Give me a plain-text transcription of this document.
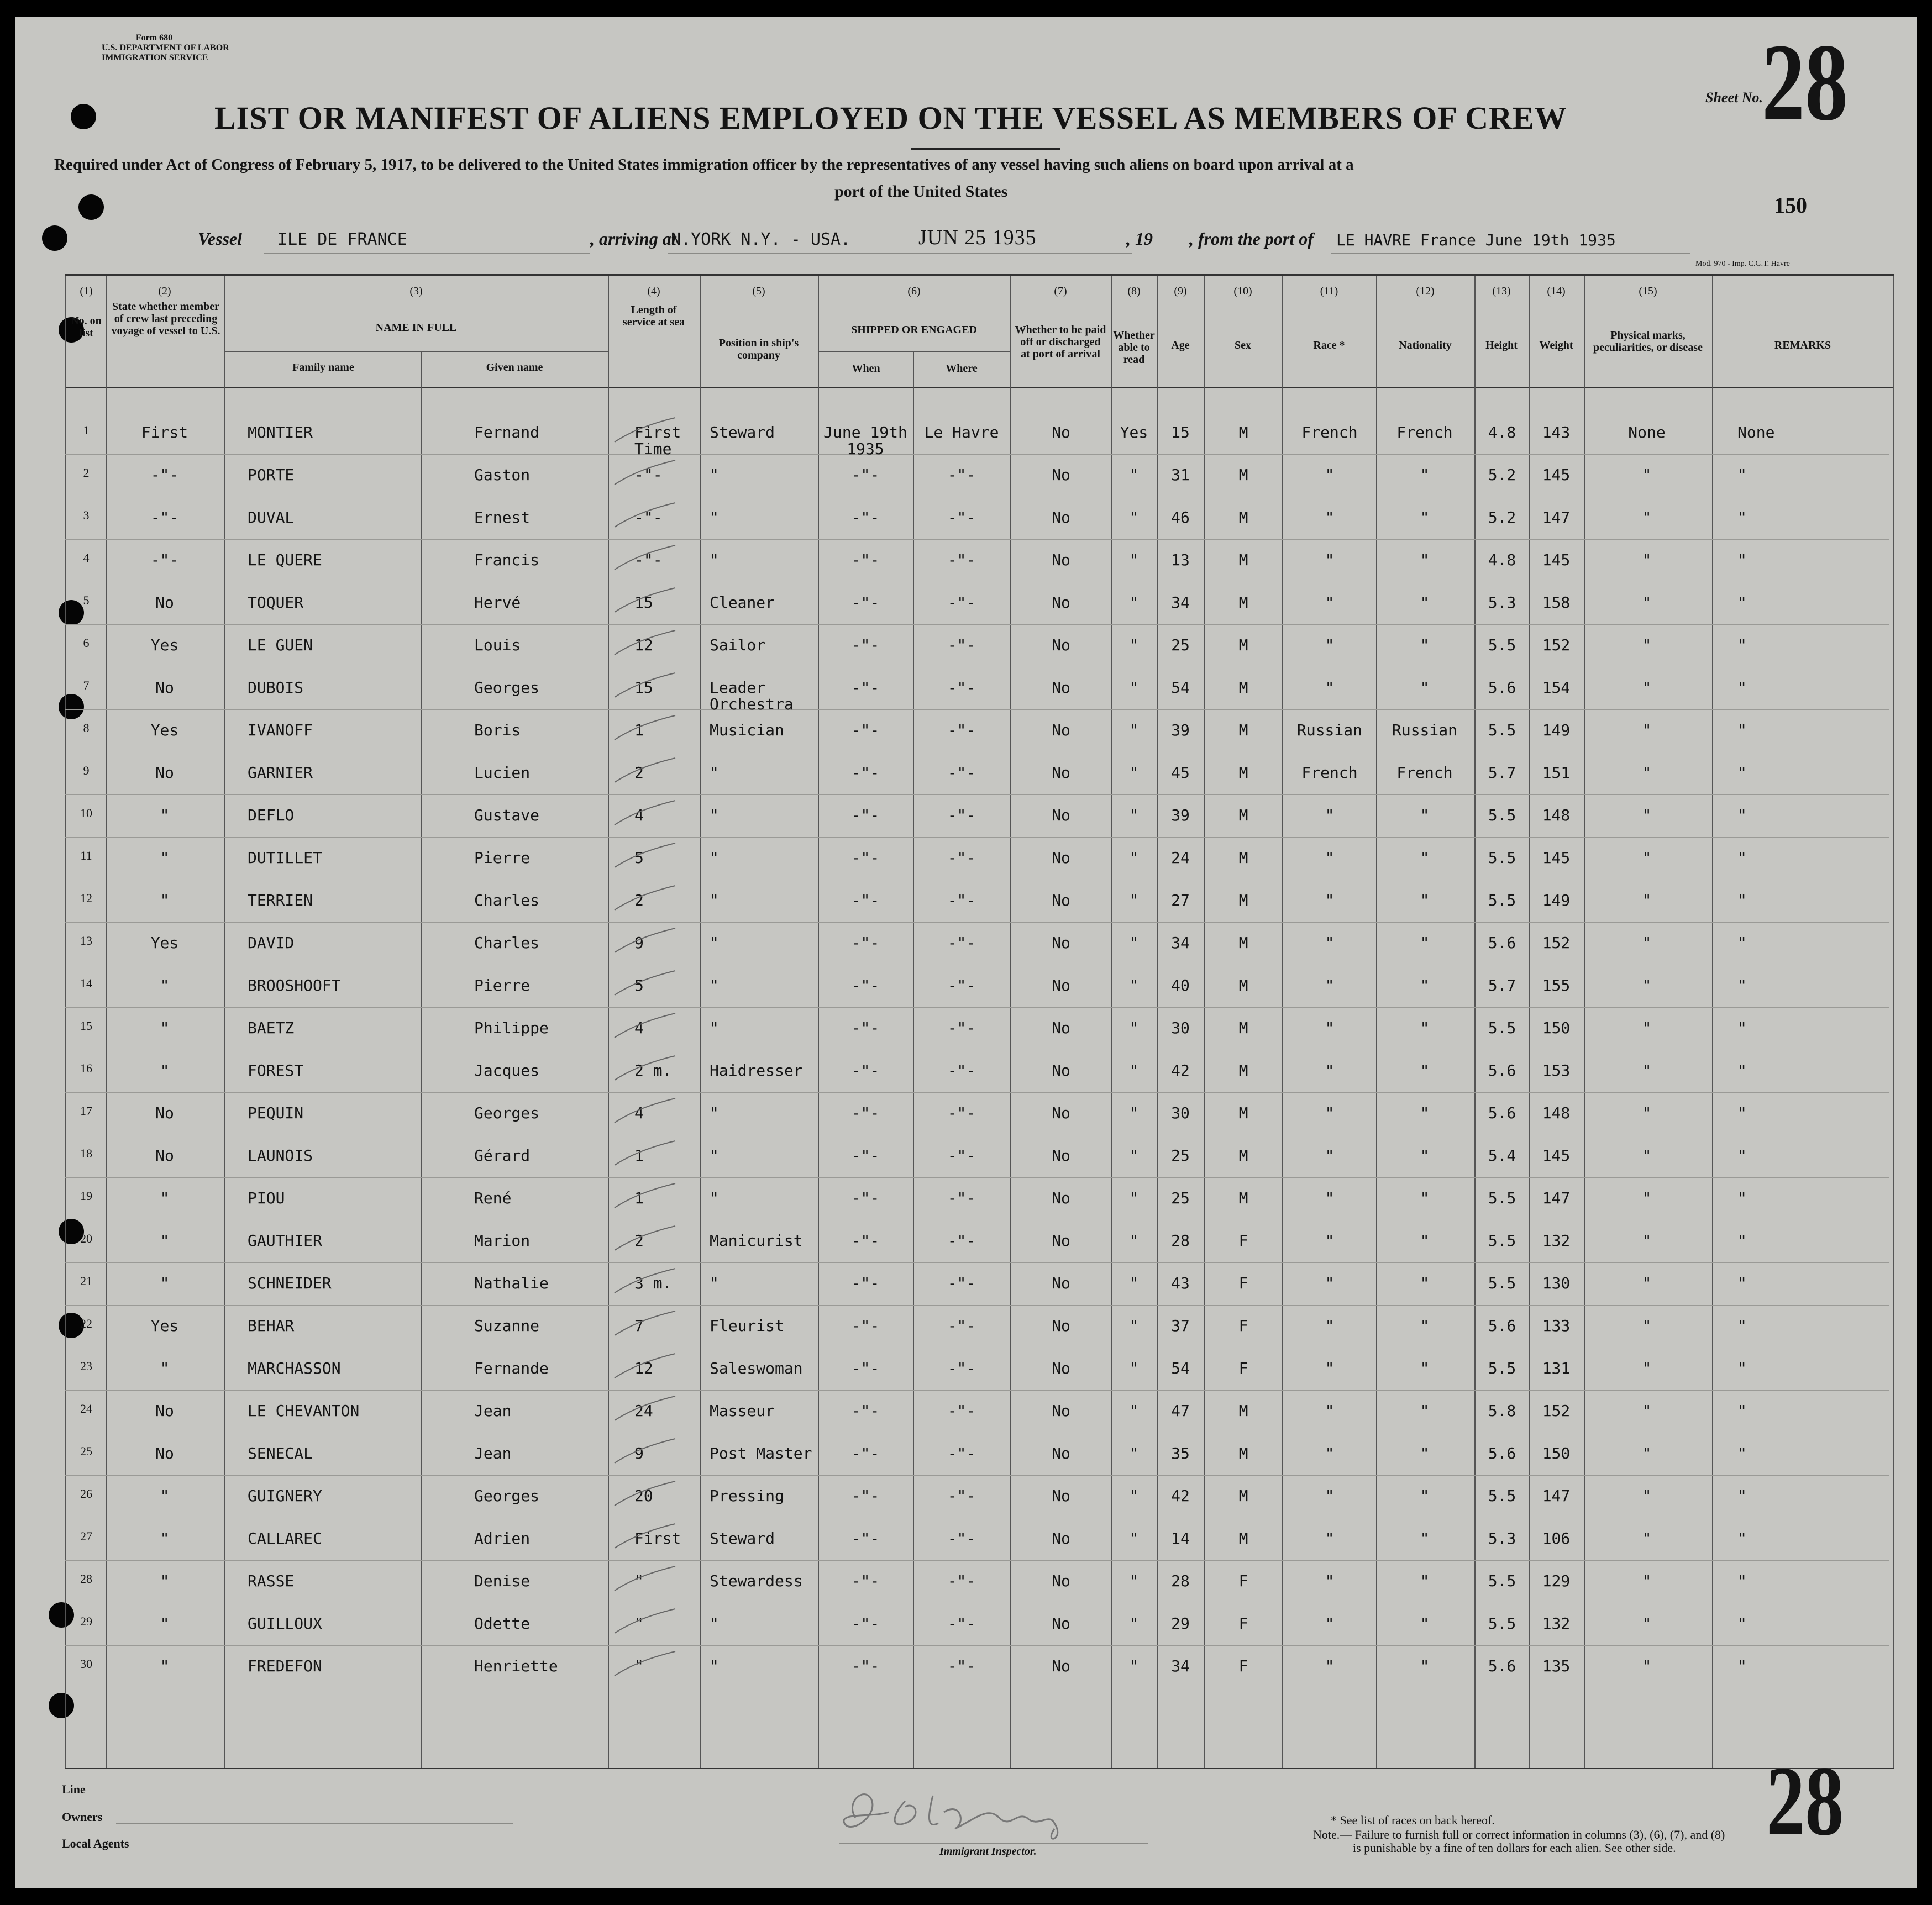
Form 680
U.S. DEPARTMENT OF LABOR
IMMIGRATION SERVICE
LIST OR MANIFEST OF ALIENS EMPLOYED ON THE VESSEL AS MEMBERS OF CREW
Required under Act of Congress of February 5, 1917, to be delivered to the United States immigration officer by the representatives of any vessel having such aliens on board upon arrival at a
port of the United States
Sheet No.
28
150
Vessel ILE DE FRANCE	, arriving at
N.YORK N.Y. - USA.	JUN 25 1935	, 19 , from the port of LE HAVRE France June 19th 1935
Mod. 970 - Imp. C.G.T. Havre
(1)
No. on list
(2)
State whether member of crew last preceding voyage of vessel to U.S.
(3)
NAME IN FULL
Family name	Given name
(4)
Length of service at sea
(5)
Position in ship's company
(6)
SHIPPED OR ENGAGED
When	Where
(7)
Whether to be paid off or discharged at port of arrival
(8)
Whether able to read
(9)
Age
(10)
Sex
(11)
Race *
(12)
Nationality
(13)
Height
(14)
Weight
(15)
Physical marks, peculiarities, or disease	REMARKS
1	First	MONTIER	Fernand	First Steward	June 19th	Le Havre	No	Yes	15	M	French	French	4.8	143	None	None
Time	1935
2	-"-	PORTE	Gaston	-"-	"	-"-	-"-	No	"	31	M	"	"	5.2	145	"	"
3	-"-	DUVAL	Ernest	-"-	"	-"-	-"-	No	"	46	M	"	"	5.2	147	"	"
4	-"-	LE QUERE	Francis	-"-	"	-"-	-"-	No	"	13	M	"	"	4.8	145	"	"
5	No	TOQUER	Hervé	15	Cleaner	-"-	-"-	No	"	34	M	"	"	5.3	158	"	"
6	Yes	LE GUEN	Louis	12	Sailor	-"-	-"-	No	"	25	M	"	"	5.5	152	"	"
7	No	DUBOIS	Georges	15	Leader	-"-	-"-	No	"	54	M	"	"	5.6	154	"	"
Orchestra
8	Yes	IVANOFF	Boris	1	Musician	-"-	-"-	No	"	39	M	Russian	Russian	5.5	149	"	"
9	No	GARNIER	Lucien	2	"	-"-	-"-	No	"	45	M	French	French	5.7	151	"	"
10	"	DEFLO	Gustave	4	"	-"-	-"-	No	"	39	M	"	"	5.5	148	"	"
11	"	DUTILLET	Pierre	5	"	-"-	-"-	No	"	24	M	"	"	5.5	145	"	"
12	"	TERRIEN	Charles	2	"	-"-	-"-	No	"	27	M	"	"	5.5	149	"	"
13	Yes	DAVID	Charles	9	"	-"-	-"-	No	"	34	M	"	"	5.6	152	"	"
14	"	BROOSHOOFT	Pierre	5	"	-"-	-"-	No	"	40	M	"	"	5.7	155	"	"
15	"	BAETZ	Philippe	4	"	-"-	-"-	No	"	30	M	"	"	5.5	150	"	"
16	"	FOREST	Jacques	2 m. Haidresser	-"-	-"-	No	"	42	M	"	"	5.6	153	"	"
17	No	PEQUIN	Georges	4	"	-"-	-"-	No	"	30	M	"	"	5.6	148	"	"
18	No	LAUNOIS	Gérard	1	"	-"-	-"-	No	"	25	M	"	"	5.4	145	"	"
19	"	PIOU	René	1	"	-"-	-"-	No	"	25	M	"	"	5.5	147	"	"
20	"	GAUTHIER	Marion	2	Manicurist	-"-	-"-	No	"	28	F	"	"	5.5	132	"	"
21	"	SCHNEIDER	Nathalie	3 m. "	-"-	-"-	No	"	43	F	"	"	5.5	130	"	"
22	Yes	BEHAR	Suzanne	7	Fleurist	-"-	-"-	No	"	37	F	"	"	5.6	133	"	"
23	"	MARCHASSON	Fernande	12	Saleswoman	-"-	-"-	No	"	54	F	"	"	5.5	131	"	"
24	No	LE CHEVANTON	Jean	24	Masseur	-"-	-"-	No	"	47	M	"	"	5.8	152	"	"
25	No	SENECAL	Jean	9	Post Master	-"-	-"-	No	"	35	M	"	"	5.6	150	"	"
26	"	GUIGNERY	Georges	20	Pressing	-"-	-"-	No	"	42	M	"	"	5.5	147	"	"
27	"	CALLAREC	Adrien	First Steward	-"-	-"-	No	"	14	M	"	"	5.3	106	"	"
28	"	RASSE	Denise	"	Stewardess	-"-	-"-	No	"	28	F	"	"	5.5	129	"	"
29	"	GUILLOUX	Odette	"	"	-"-	-"-	No	"	29	F	"	"	5.5	132	"	"
30	"	FREDEFON	Henriette	"	"	-"-	-"-	No	"	34	F	"	"	5.6	135	"	"
Line
Owners
Local Agents
Immigrant Inspector.
* See list of races on back hereof.
Note.— Failure to furnish full or correct information in columns (3), (6), (7), and (8)
is punishable by a fine of ten dollars for each alien. See other side. 28
